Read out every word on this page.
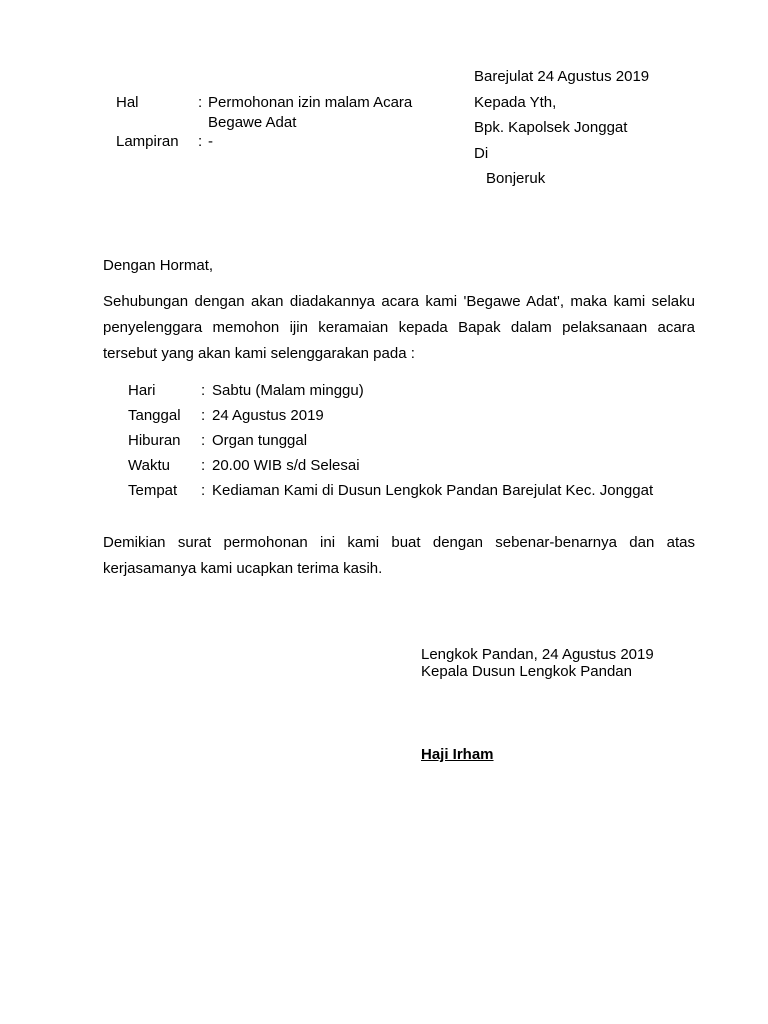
Hal	: Permohonan izin malam Acara
Begawe Adat
Lampiran : -
Barejulat 24 Agustus 2019
Kepada Yth,
Bpk. Kapolsek Jonggat
Di
Bonjeruk
Dengan Hormat,
Sehubungan dengan akan diadakannya acara kami 'Begawe Adat', maka kami selaku
penyelenggara memohon ijin keramaian kepada Bapak dalam pelaksanaan acara
tersebut yang akan kami selenggarakan pada :
Hari	: Sabtu (Malam minggu)
Tanggal : 24 Agustus 2019
Hiburan : Organ tunggal
Waktu : 20.00 WIB s/d Selesai
Tempat : Kediaman Kami di Dusun Lengkok Pandan Barejulat Kec. Jonggat
Demikian surat permohonan ini kami buat dengan sebenar-benarnya dan atas
kerjasamanya kami ucapkan terima kasih.
Lengkok Pandan, 24 Agustus 2019
Kepala Dusun Lengkok Pandan
Haji Irham
